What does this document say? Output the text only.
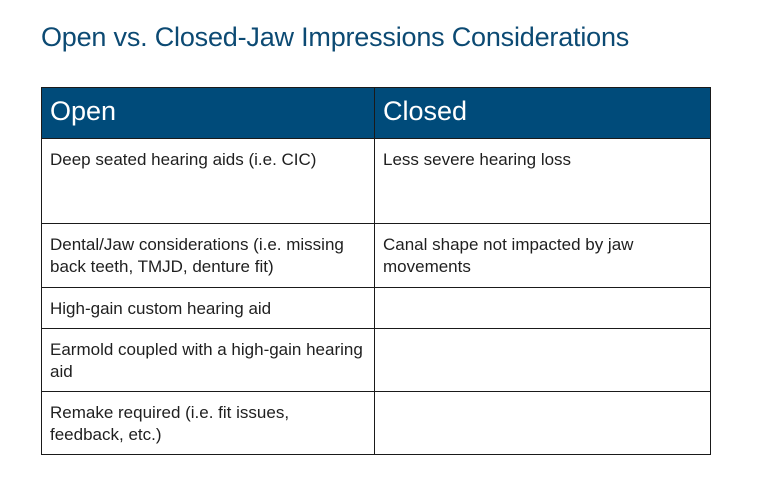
Open vs. Closed-Jaw Impressions Considerations
Open	Closed
Deep seated hearing aids (i.e. CIC)	Less severe hearing loss
Dental/Jaw considerations (i.e. missing back teeth, TMJD, denture fit)	Canal shape not impacted by jaw movements
High-gain custom hearing aid	
Earmold coupled with a high-gain hearing aid	
Remake required (i.e. fit issues, feedback, etc.)	
